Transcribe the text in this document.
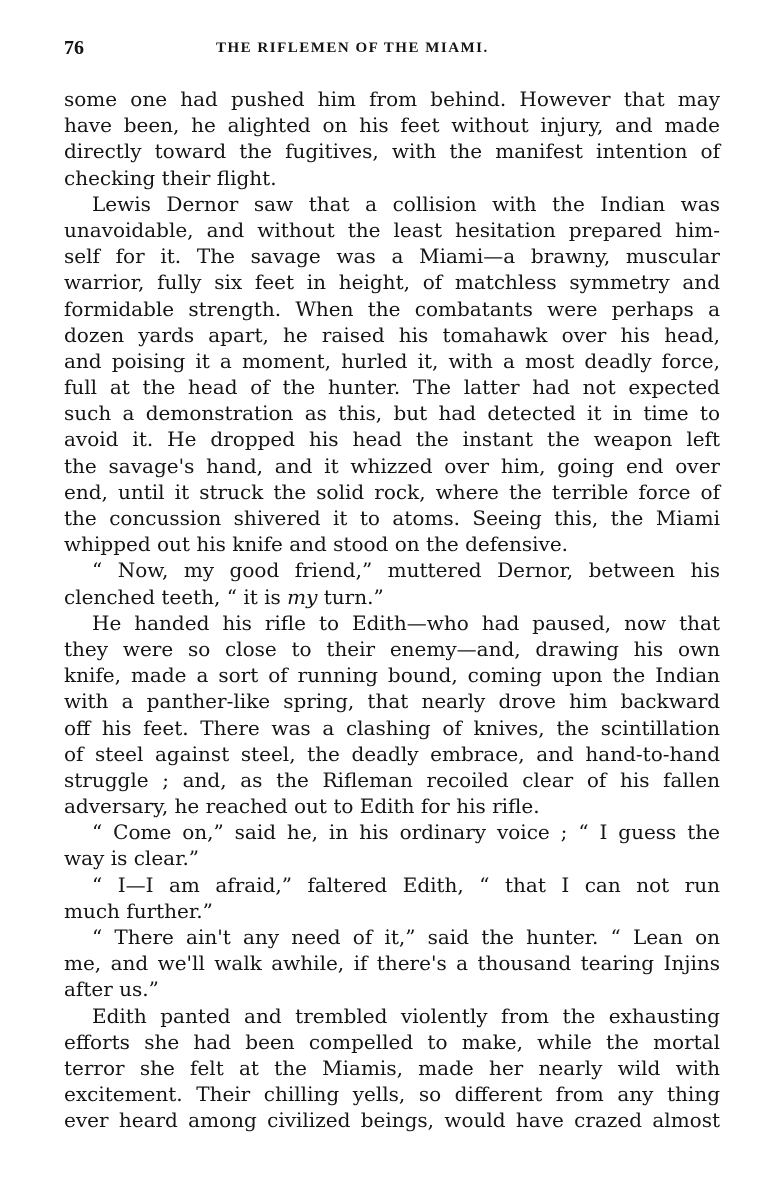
76	THE RIFLEMEN OF THE MIAMI.
some one had pushed him from behind. However that may
have been, he alighted on his feet without injury, and made
directly toward the fugitives, with the manifest intention of
checking their flight.
Lewis Dernor saw that a collision with the Indian was
unavoidable, and without the least hesitation prepared him-
self for it. The savage was a Miami—a brawny, muscular
warrior, fully six feet in height, of matchless symmetry and
formidable strength. When the combatants were perhaps a
dozen yards apart, he raised his tomahawk over his head,
and poising it a moment, hurled it, with a most deadly force,
full at the head of the hunter. The latter had not expected
such a demonstration as this, but had detected it in time to
avoid it. He dropped his head the instant the weapon left
the savage's hand, and it whizzed over him, going end over
end, until it struck the solid rock, where the terrible force of
the concussion shivered it to atoms. Seeing this, the Miami
whipped out his knife and stood on the defensive.
“ Now, my good friend,” muttered Dernor, between his
clenched teeth, “ it is my turn.”
He handed his rifle to Edith—who had paused, now that
they were so close to their enemy—and, drawing his own
knife, made a sort of running bound, coming upon the Indian
with a panther-like spring, that nearly drove him backward
off his feet. There was a clashing of knives, the scintillation
of steel against steel, the deadly embrace, and hand-to-hand
struggle ; and, as the Rifleman recoiled clear of his fallen
adversary, he reached out to Edith for his rifle.
“ Come on,” said he, in his ordinary voice ; “ I guess the
way is clear.”
“ I—I am afraid,” faltered Edith, “ that I can not run
much further.”
“ There ain't any need of it,” said the hunter. “ Lean on
me, and we'll walk awhile, if there's a thousand tearing Injins
after us.”
Edith panted and trembled violently from the exhausting
efforts she had been compelled to make, while the mortal
terror she felt at the Miamis, made her nearly wild with
excitement. Their chilling yells, so different from any thing
ever heard among civilized beings, would have crazed almost
